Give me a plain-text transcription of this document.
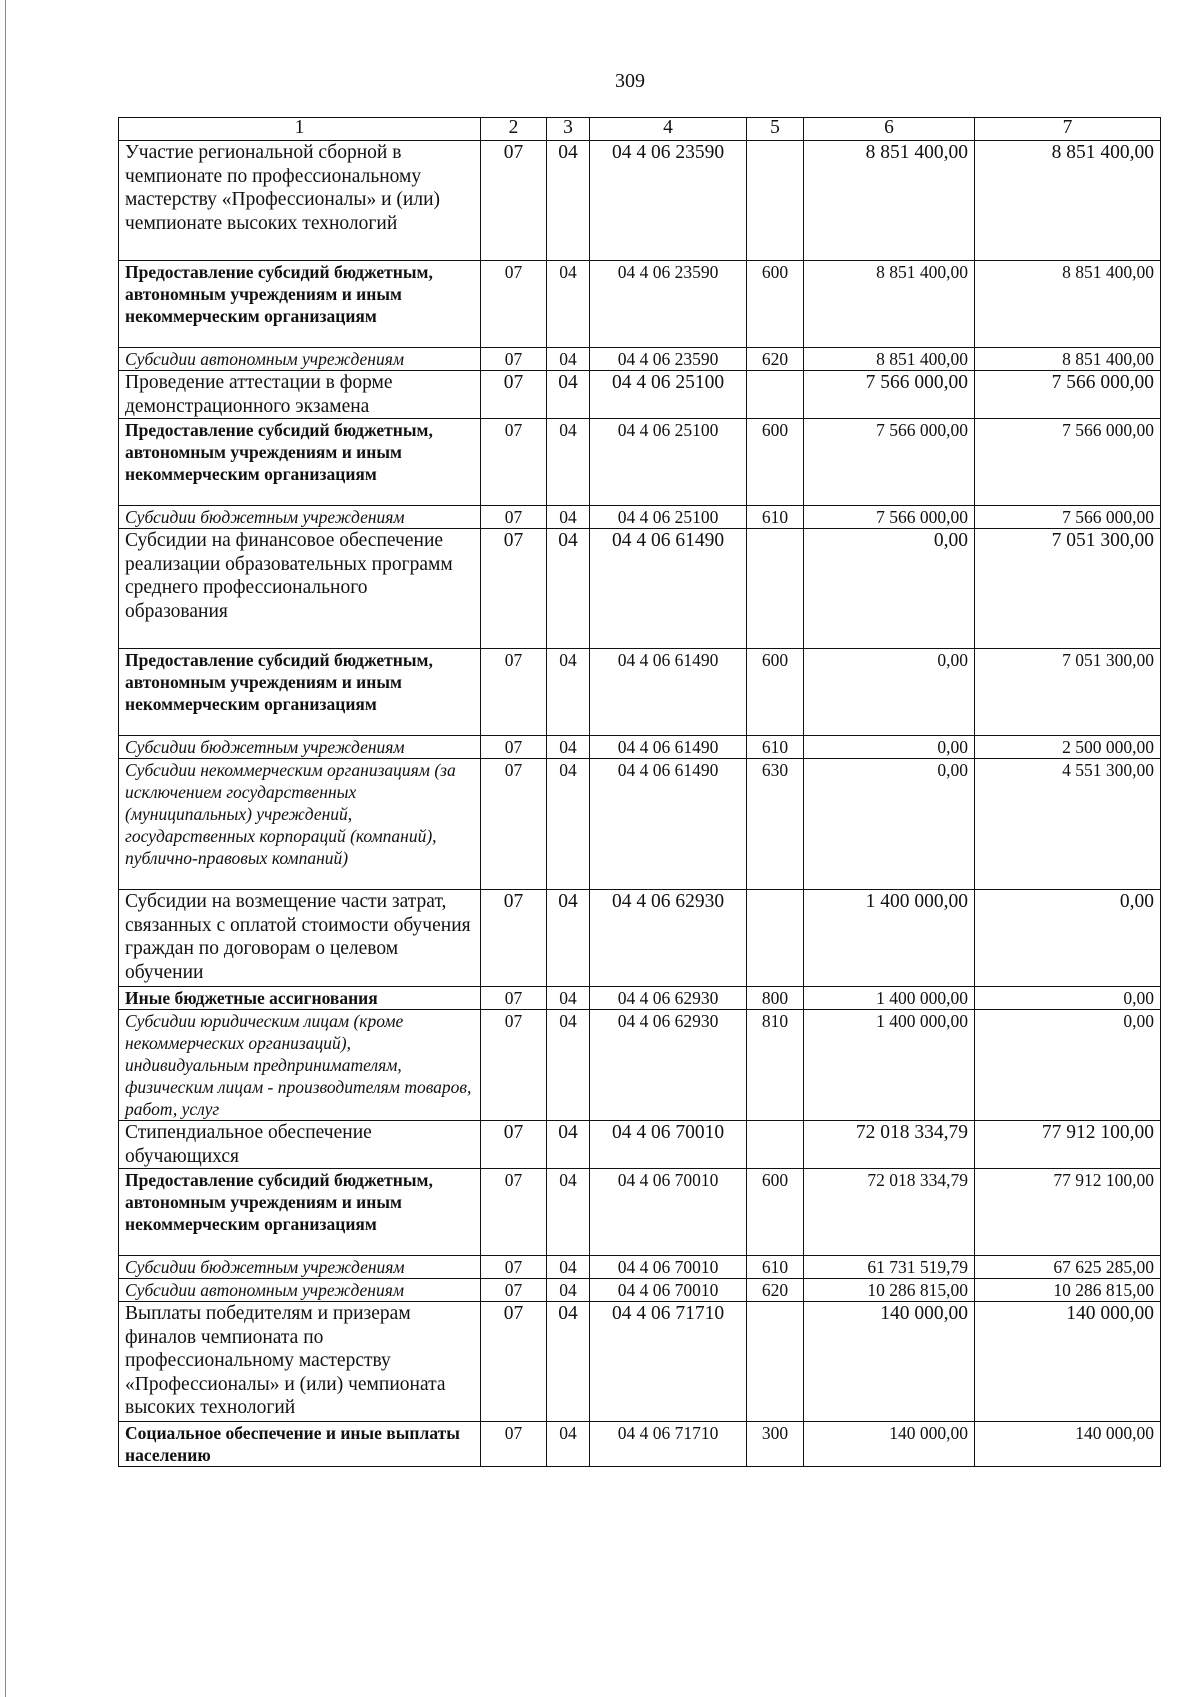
309
1	2	3	4	5	6	7
Участие региональной сборной в чемпионате по профессиональному мастерству «Профессионалы» и (или) чемпионате высоких технологий	07	04	04 4 06 23590		8 851 400,00	8 851 400,00
Предоставление субсидий бюджетным, автономным учреждениям и иным некоммерческим организациям	07	04	04 4 06 23590	600	8 851 400,00	8 851 400,00
Субсидии автономным учреждениям	07	04	04 4 06 23590	620	8 851 400,00	8 851 400,00
Проведение аттестации в форме демонстрационного экзамена	07	04	04 4 06 25100		7 566 000,00	7 566 000,00
Предоставление субсидий бюджетным, автономным учреждениям и иным некоммерческим организациям	07	04	04 4 06 25100	600	7 566 000,00	7 566 000,00
Субсидии бюджетным учреждениям	07	04	04 4 06 25100	610	7 566 000,00	7 566 000,00
Субсидии на финансовое обеспечение реализации образовательных программ среднего профессионального образования	07	04	04 4 06 61490		0,00	7 051 300,00
Предоставление субсидий бюджетным, автономным учреждениям и иным некоммерческим организациям	07	04	04 4 06 61490	600	0,00	7 051 300,00
Субсидии бюджетным учреждениям	07	04	04 4 06 61490	610	0,00	2 500 000,00
Субсидии некоммерческим организациям (за исключением государственных (муниципальных) учреждений, государственных корпораций (компаний), публично-правовых компаний)	07	04	04 4 06 61490	630	0,00	4 551 300,00
Субсидии на возмещение части затрат, связанных с оплатой стоимости обучения граждан по договорам о целевом обучении	07	04	04 4 06 62930		1 400 000,00	0,00
Иные бюджетные ассигнования	07	04	04 4 06 62930	800	1 400 000,00	0,00
Субсидии юридическим лицам (кроме некоммерческих организаций), индивидуальным предпринимателям, физическим лицам - производителям товаров, работ, услуг	07	04	04 4 06 62930	810	1 400 000,00	0,00
Стипендиальное обеспечение обучающихся	07	04	04 4 06 70010		72 018 334,79	77 912 100,00
Предоставление субсидий бюджетным, автономным учреждениям и иным некоммерческим организациям	07	04	04 4 06 70010	600	72 018 334,79	77 912 100,00
Субсидии бюджетным учреждениям	07	04	04 4 06 70010	610	61 731 519,79	67 625 285,00
Субсидии автономным учреждениям	07	04	04 4 06 70010	620	10 286 815,00	10 286 815,00
Выплаты победителям и призерам финалов чемпионата по профессиональному мастерству «Профессионалы» и (или) чемпионата высоких технологий	07	04	04 4 06 71710		140 000,00	140 000,00
Социальное обеспечение и иные выплаты населению	07	04	04 4 06 71710	300	140 000,00	140 000,00
